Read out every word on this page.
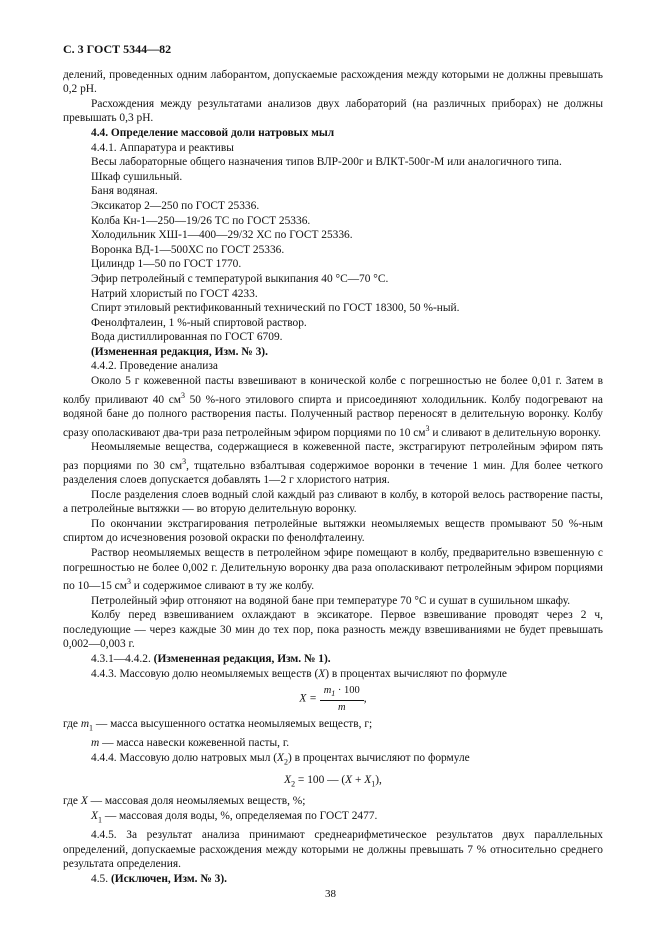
С. 3 ГОСТ 5344—82

делений, проведенных одним лаборантом, допускаемые расхождения между которыми не должны превышать 0,2 рН.

Расхождения между результатами анализов двух лабораторий (на различных приборах) не должны превышать 0,3 рН.

4.4. Определение массовой доли натровых мыл

4.4.1. Аппаратура и реактивы

Весы лабораторные общего назначения типов ВЛР-200г и ВЛКТ-500г-М или аналогичного типа.

Шкаф сушильный.

Баня водяная.

Эксикатор 2—250 по ГОСТ 25336.

Колба Кн-1—250—19/26 ТС по ГОСТ 25336.

Холодильник ХШ-1—400—29/32 ХС по ГОСТ 25336.

Воронка ВД-1—500ХС по ГОСТ 25336.

Цилиндр 1—50 по ГОСТ 1770.

Эфир петролейный с температурой выкипания 40 °С—70 °С.

Натрий хлористый по ГОСТ 4233.

Спирт этиловый ректификованный технический по ГОСТ 18300, 50 %-ный.

Фенолфталеин, 1 %-ный спиртовой раствор.

Вода дистиллированная по ГОСТ 6709.

(Измененная редакция, Изм. № 3).

4.4.2. Проведение анализа

Около 5 г кожевенной пасты взвешивают в конической колбе с погрешностью не более 0,01 г. Затем в колбу приливают 40 $см^3$ 50 %-ного этилового спирта и присоединяют холодильник. Колбу подогревают на водяной бане до полного растворения пасты. Полученный раствор переносят в делительную воронку. Колбу сразу ополаскивают два-три раза петролейным эфиром порциями по 10 $см^3$ и сливают в делительную воронку.

Неомыляемые вещества, содержащиеся в кожевенной пасте, экстрагируют петролейным эфиром пять раз порциями по 30 $см^3$, тщательно взбалтывая содержимое воронки в течение 1 мин. Для более четкого разделения слоев допускается добавлять 1—2 г хлористого натрия.

После разделения слоев водный слой каждый раз сливают в колбу, в которой велось растворение пасты, а петролейные вытяжки — во вторую делительную воронку.

По окончании экстрагирования петролейные вытяжки неомыляемых веществ промывают 50 %-ным спиртом до исчезновения розовой окраски по фенолфталеину.

Раствор неомыляемых веществ в петролейном эфире помещают в колбу, предварительно взвешенную с погрешностью не более 0,002 г. Делительную воронку два раза ополаскивают петролейным эфиром порциями по 10—15 $см^3$ и содержимое сливают в ту же колбу.

Петролейный эфир отгоняют на водяной бане при температуре 70 °С и сушат в сушильном шкафу.

Колбу перед взвешиванием охлаждают в эксикаторе. Первое взвешивание проводят через 2 ч, последующие — через каждые 30 мин до тех пор, пока разность между взвешиваниями не будет превышать 0,002—0,003 г.

4.3.1—4.4.2. (Измененная редакция, Изм. № 1).

4.4.3. Массовую долю неомыляемых веществ (X) в процентах вычисляют по формуле

$X = \frac{m_1 \cdot 100}{m}$ ,

где $m_1$ — масса высушенного остатка неомыляемых веществ, г;

m — масса навески кожевенной пасты, г.

4.4.4. Массовую долю натровых мыл $(X_2)$ в процентах вычисляют по формуле

$X_2 = 100$ — $(X + X_1)$,

где X — массовая доля неомыляемых веществ, %;

$X_1$ — массовая доля воды, %, определяемая по ГОСТ 2477.

4.4.5. За результат анализа принимают среднеарифметическое результатов двух параллельных определений, допускаемые расхождения между которыми не должны превышать 7 % относительно среднего результата определения.

4.5. (Исключен, Изм. № 3).

38
